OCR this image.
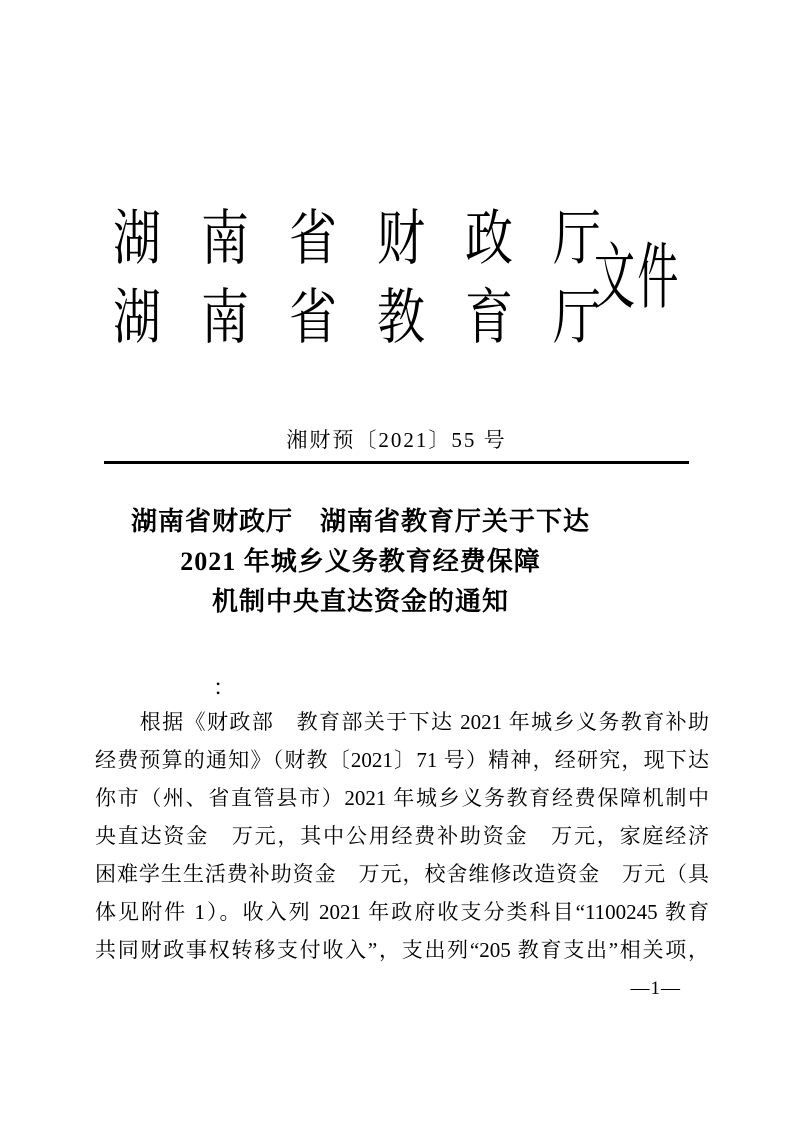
湖南省财政厅
湖南省教育厅
文件
湘财预〔2021〕55 号
湖南省财政厅　湖南省教育厅关于下达
2021 年城乡义务教育经费保障
机制中央直达资金的通知
：
　　根据《财政部　教育部关于下达 2021 年城乡义务教育补助
经费预算的通知》（财教〔2021〕71 号）精神，经研究，现下达
你市（州、省直管县市）2021 年城乡义务教育经费保障机制中
央直达资金　万元，其中公用经费补助资金　万元，家庭经济
困难学生生活费补助资金　万元，校舍维修改造资金　万元（具
体见附件 1）。收入列 2021 年政府收支分类科目“1100245 教育
共同财政事权转移支付收入”，支出列“205 教育支出”相关项，
—1—
